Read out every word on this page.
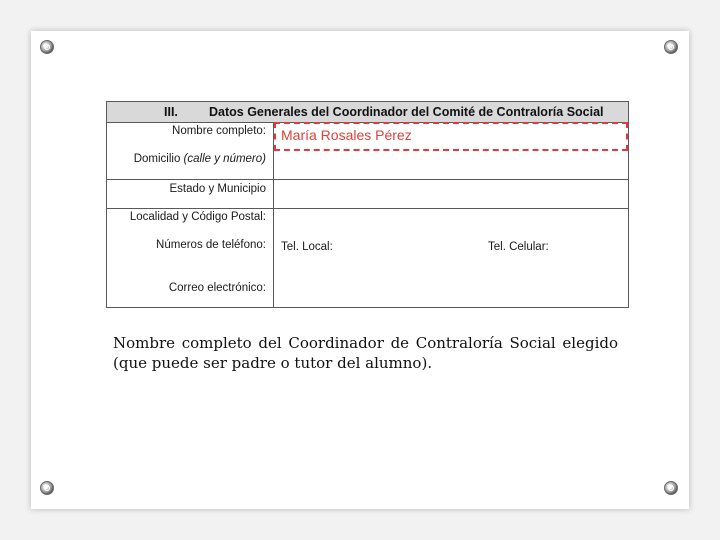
III. Datos Generales del Coordinador del Comité de Contraloría Social
Nombre completo:
Domicilio (calle y número)
Estado y Municipio
Localidad y Código Postal:
Números de teléfono:
Correo electrónico:
María Rosales Pérez
Tel. Local:	Tel. Celular:
Nombre completo del Coordinador de Contraloría Social elegido (que puede ser padre o tutor del alumno).
